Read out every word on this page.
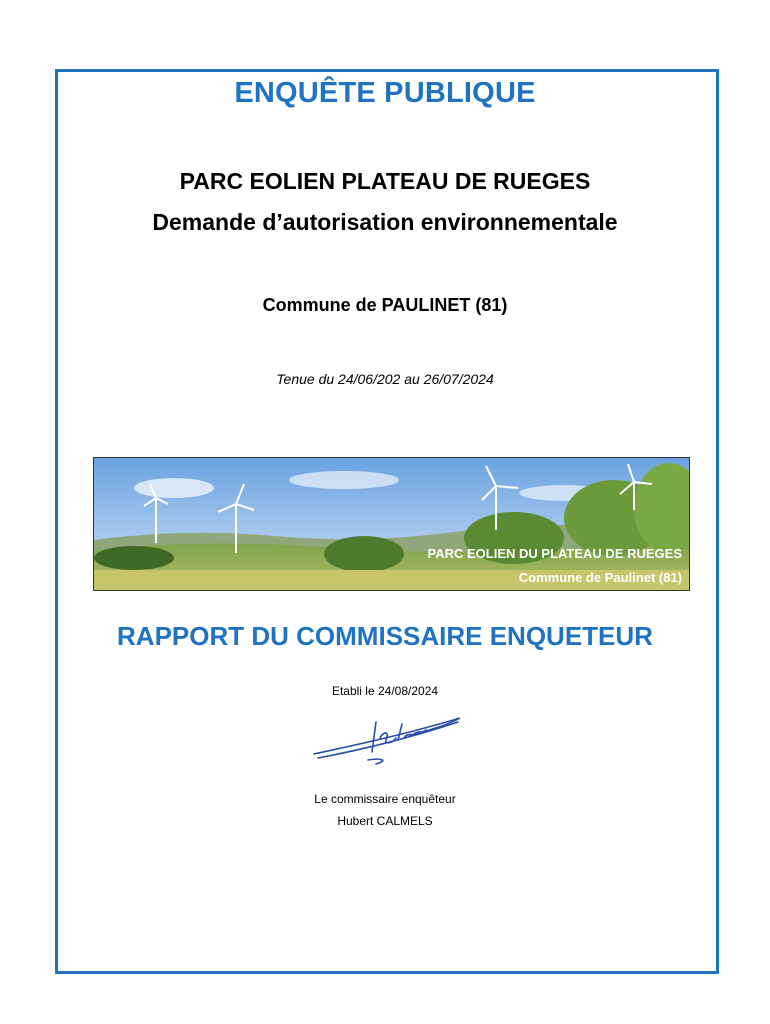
ENQUÊTE PUBLIQUE
PARC EOLIEN PLATEAU DE RUEGES
Demande d’autorisation environnementale
Commune de PAULINET (81)
Tenue du 24/06/202 au 26/07/2024
PARC EOLIEN DU PLATEAU DE RUEGES
Commune de Paulinet (81)
RAPPORT DU COMMISSAIRE ENQUETEUR
Etabli le 24/08/2024
Le commissaire enquêteur
Hubert CALMELS
